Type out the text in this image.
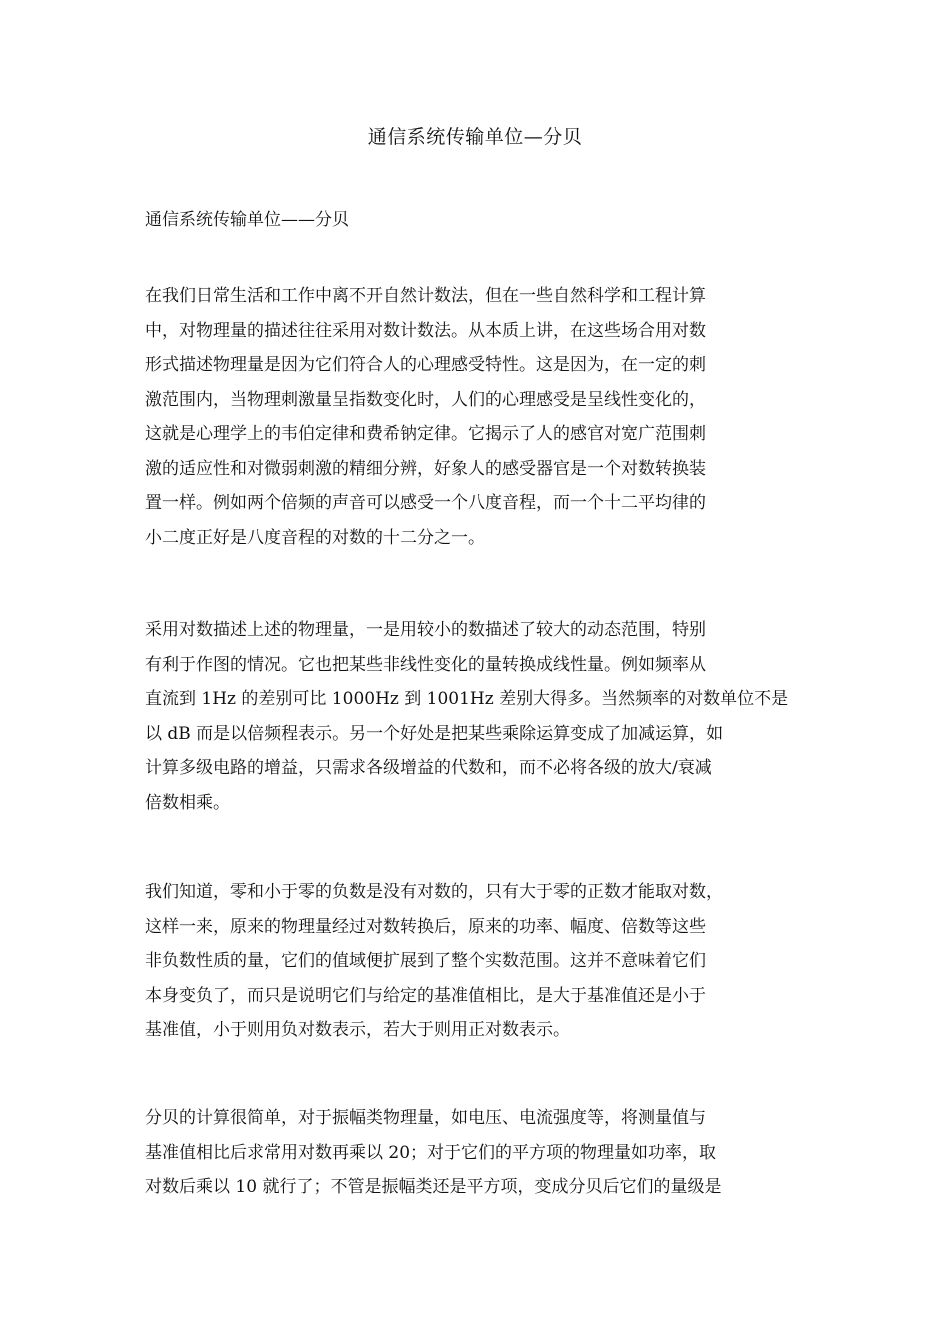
通信系统传输单位—分贝
通信系统传输单位——分贝
在我们日常生活和工作中离不开自然计数法，但在一些自然科学和工程计算
中，对物理量的描述往往采用对数计数法。从本质上讲，在这些场合用对数
形式描述物理量是因为它们符合人的心理感受特性。这是因为，在一定的刺
激范围内，当物理刺激量呈指数变化时，人们的心理感受是呈线性变化的，
这就是心理学上的韦伯定律和费希钠定律。它揭示了人的感官对宽广范围刺
激的适应性和对微弱刺激的精细分辨，好象人的感受器官是一个对数转换装
置一样。例如两个倍频的声音可以感受一个八度音程，而一个十二平均律的
小二度正好是八度音程的对数的十二分之一。
采用对数描述上述的物理量，一是用较小的数描述了较大的动态范围，特别
有利于作图的情况。它也把某些非线性变化的量转换成线性量。例如频率从
直流到 1Hz 的差别可比 1000Hz 到 1001Hz 差别大得多。当然频率的对数单位不是
以 dB 而是以倍频程表示。另一个好处是把某些乘除运算变成了加减运算，如
计算多级电路的增益，只需求各级增益的代数和，而不必将各级的放大/衰减
倍数相乘。
我们知道，零和小于零的负数是没有对数的，只有大于零的正数才能取对数，
这样一来，原来的物理量经过对数转换后，原来的功率、幅度、倍数等这些
非负数性质的量，它们的值域便扩展到了整个实数范围。这并不意味着它们
本身变负了，而只是说明它们与给定的基准值相比，是大于基准值还是小于
基准值，小于则用负对数表示，若大于则用正对数表示。
分贝的计算很简单，对于振幅类物理量，如电压、电流强度等，将测量值与
基准值相比后求常用对数再乘以 20；对于它们的平方项的物理量如功率，取
对数后乘以 10 就行了；不管是振幅类还是平方项，变成分贝后它们的量级是
